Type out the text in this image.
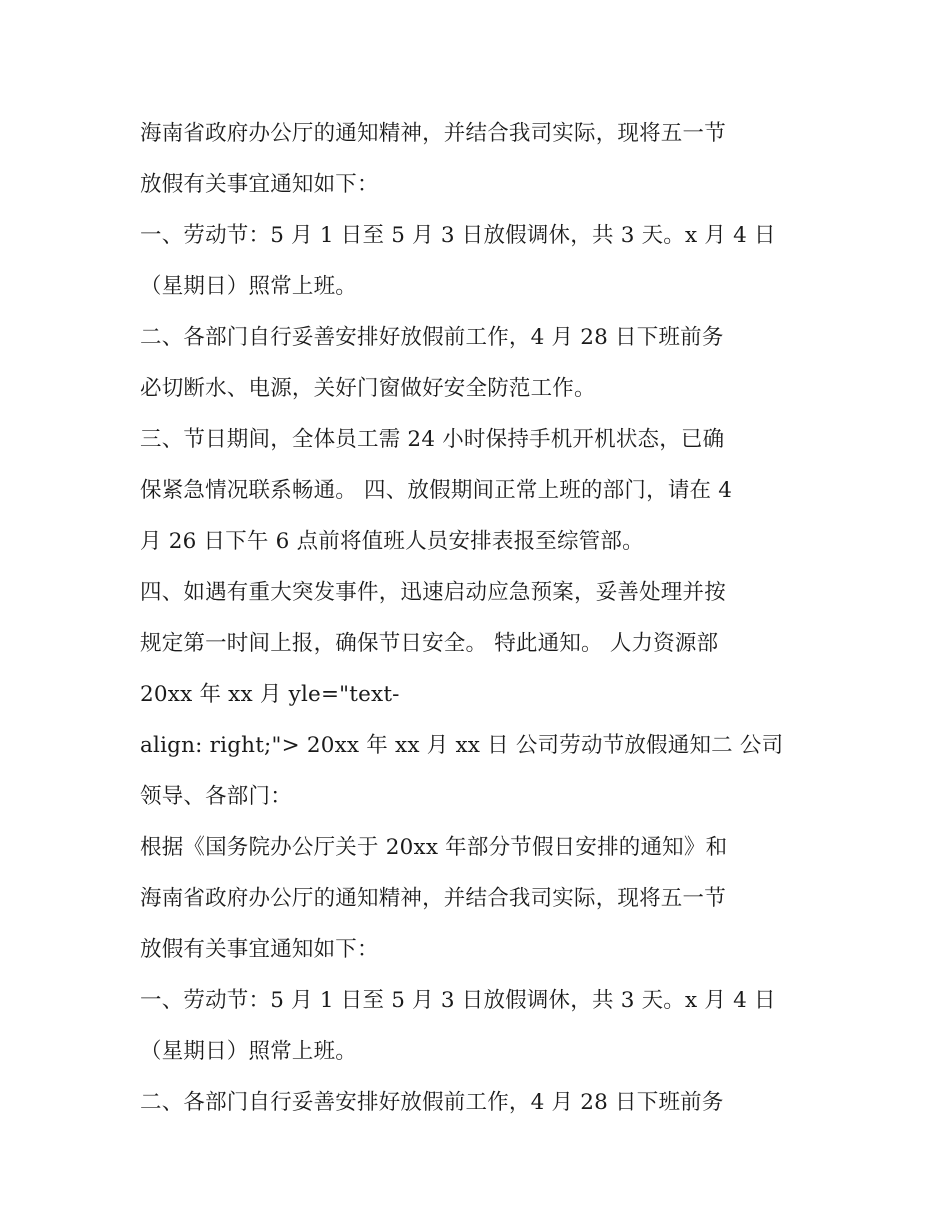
海南省政府办公厅的通知精神，并结合我司实际，现将五一节
放假有关事宜通知如下：
一、劳动节：5 月 1 日至 5 月 3 日放假调休，共 3 天。x 月 4 日
（星期日）照常上班。
二、各部门自行妥善安排好放假前工作，4 月 28 日下班前务
必切断水、电源，关好门窗做好安全防范工作。
三、节日期间，全体员工需 24 小时保持手机开机状态，已确
保紧急情况联系畅通。 四、放假期间正常上班的部门，请在 4
月 26 日下午 6 点前将值班人员安排表报至综管部。
四、如遇有重大突发事件，迅速启动应急预案，妥善处理并按
规定第一时间上报，确保节日安全。 特此通知。 人力资源部
20xx 年 xx 月 yle="text-
align: right;"> 20xx 年 xx 月 xx 日 公司劳动节放假通知二 公司
领导、各部门：
根据《国务院办公厅关于 20xx 年部分节假日安排的通知》和
海南省政府办公厅的通知精神，并结合我司实际，现将五一节
放假有关事宜通知如下：
一、劳动节：5 月 1 日至 5 月 3 日放假调休，共 3 天。x 月 4 日
（星期日）照常上班。
二、各部门自行妥善安排好放假前工作，4 月 28 日下班前务
